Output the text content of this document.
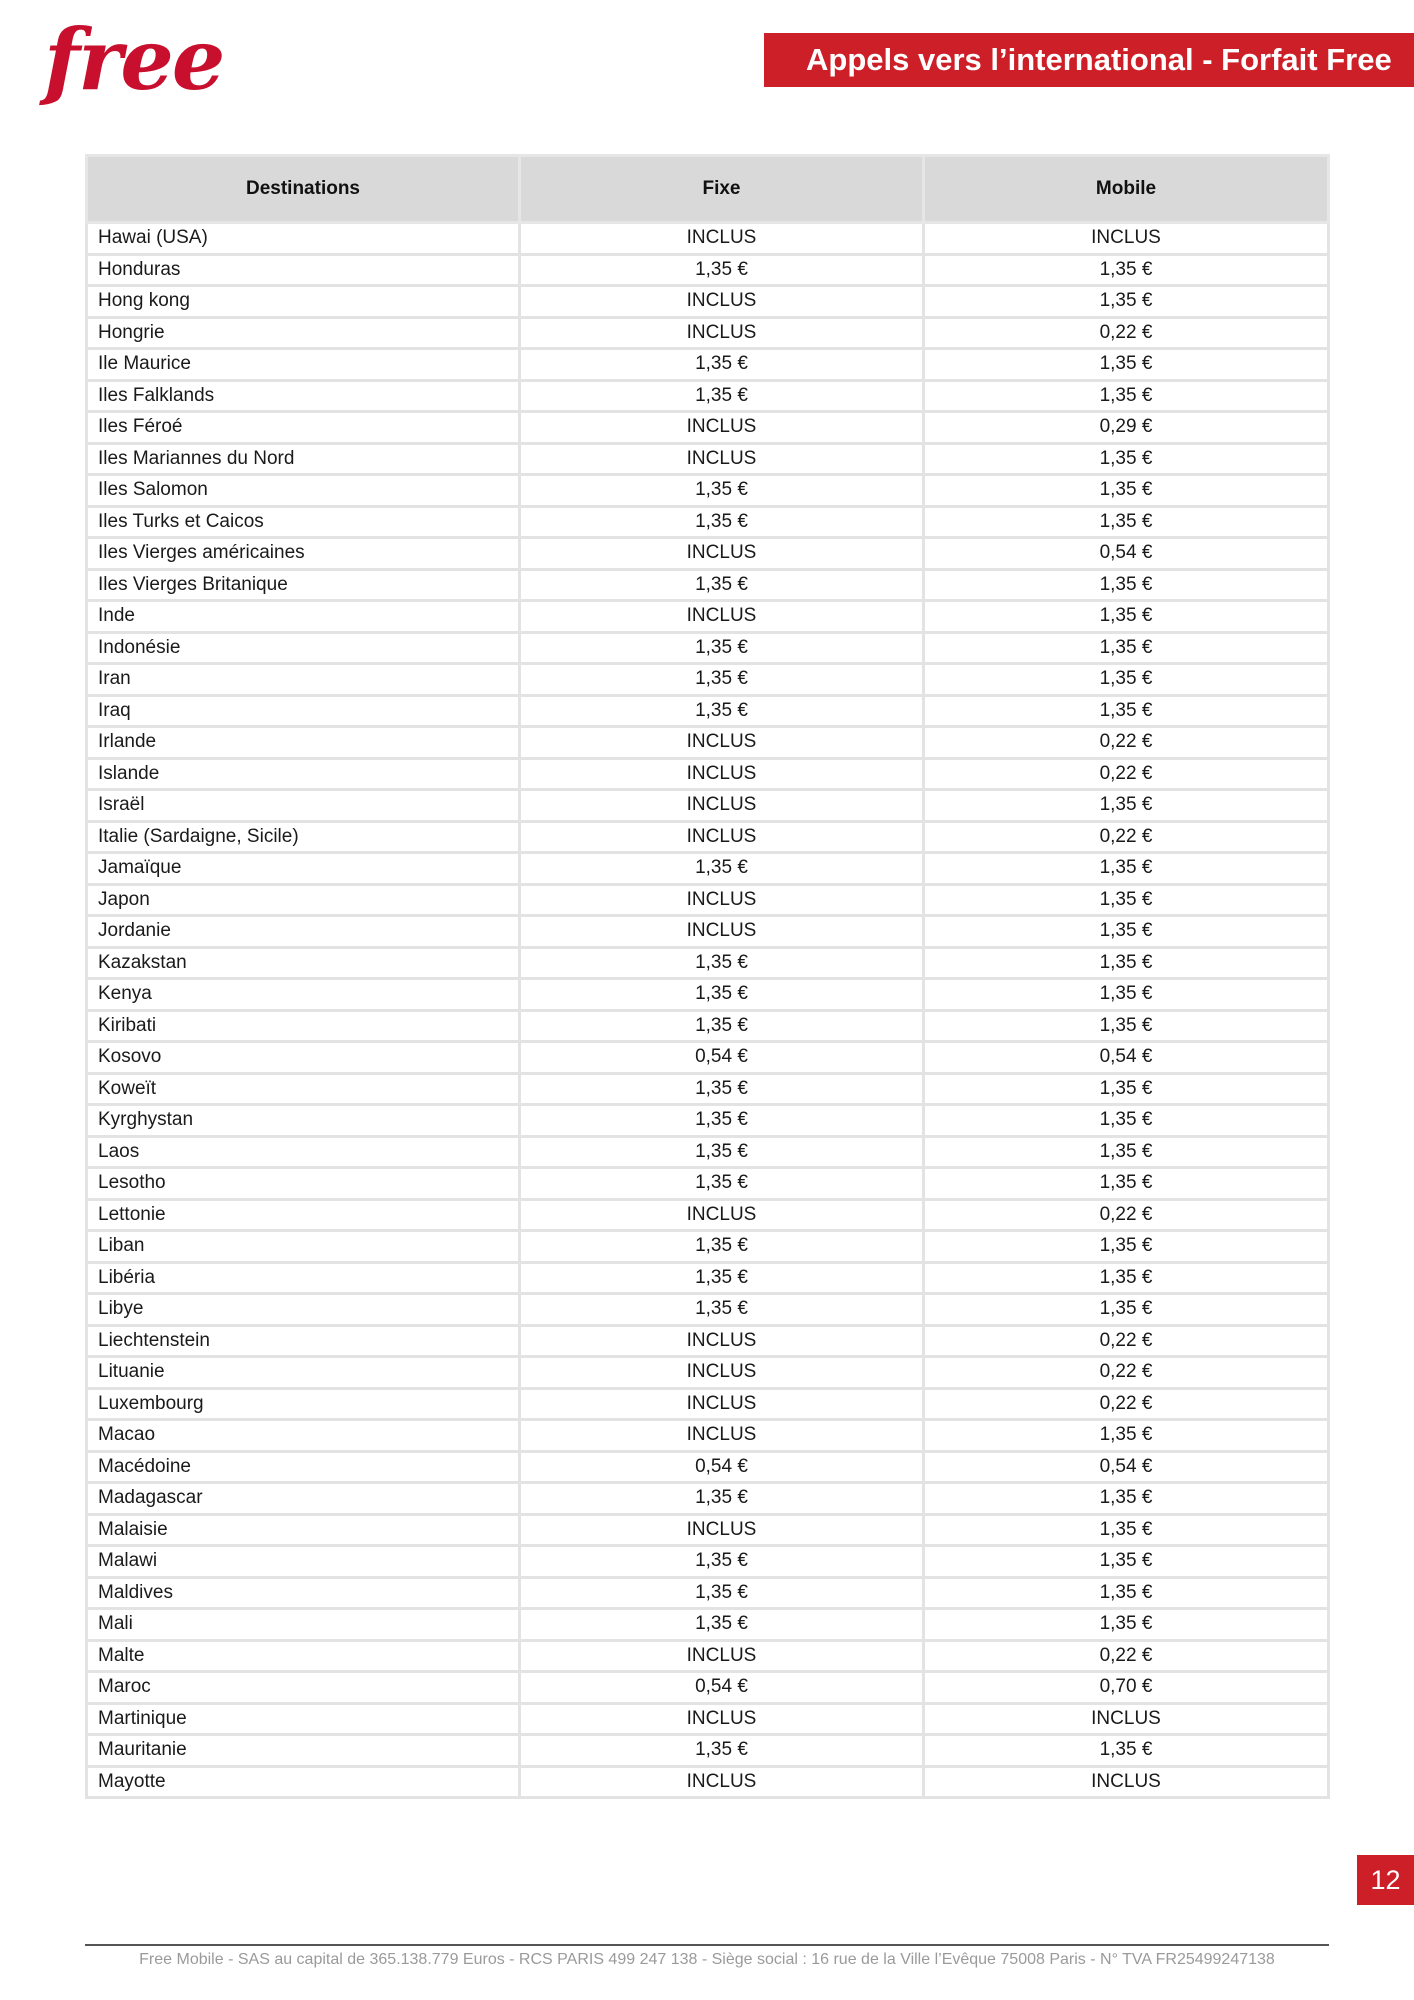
free	Appels vers l’international - Forfait Free
Destinations	Fixe	Mobile
Hawai (USA)	INCLUS	INCLUS
Honduras	1,35 €	1,35 €
Hong kong	INCLUS	1,35 €
Hongrie	INCLUS	0,22 €
Ile Maurice	1,35 €	1,35 €
Iles Falklands	1,35 €	1,35 €
Iles Féroé	INCLUS	0,29 €
Iles Mariannes du Nord	INCLUS	1,35 €
Iles Salomon	1,35 €	1,35 €
Iles Turks et Caicos	1,35 €	1,35 €
Iles Vierges américaines	INCLUS	0,54 €
Iles Vierges Britanique	1,35 €	1,35 €
Inde	INCLUS	1,35 €
Indonésie	1,35 €	1,35 €
Iran	1,35 €	1,35 €
Iraq	1,35 €	1,35 €
Irlande	INCLUS	0,22 €
Islande	INCLUS	0,22 €
Israël	INCLUS	1,35 €
Italie (Sardaigne, Sicile)	INCLUS	0,22 €
Jamaïque	1,35 €	1,35 €
Japon	INCLUS	1,35 €
Jordanie	INCLUS	1,35 €
Kazakstan	1,35 €	1,35 €
Kenya	1,35 €	1,35 €
Kiribati	1,35 €	1,35 €
Kosovo	0,54 €	0,54 €
Koweït	1,35 €	1,35 €
Kyrghystan	1,35 €	1,35 €
Laos	1,35 €	1,35 €
Lesotho	1,35 €	1,35 €
Lettonie	INCLUS	0,22 €
Liban	1,35 €	1,35 €
Libéria	1,35 €	1,35 €
Libye	1,35 €	1,35 €
Liechtenstein	INCLUS	0,22 €
Lituanie	INCLUS	0,22 €
Luxembourg	INCLUS	0,22 €
Macao	INCLUS	1,35 €
Macédoine	0,54 €	0,54 €
Madagascar	1,35 €	1,35 €
Malaisie	INCLUS	1,35 €
Malawi	1,35 €	1,35 €
Maldives	1,35 €	1,35 €
Mali	1,35 €	1,35 €
Malte	INCLUS	0,22 €
Maroc	0,54 €	0,70 €
Martinique	INCLUS	INCLUS
Mauritanie	1,35 €	1,35 €
Mayotte	INCLUS	INCLUS
12
Free Mobile - SAS au capital de 365.138.779 Euros - RCS PARIS 499 247 138 - Siège social : 16 rue de la Ville l’Evêque 75008 Paris - N° TVA FR25499247138
